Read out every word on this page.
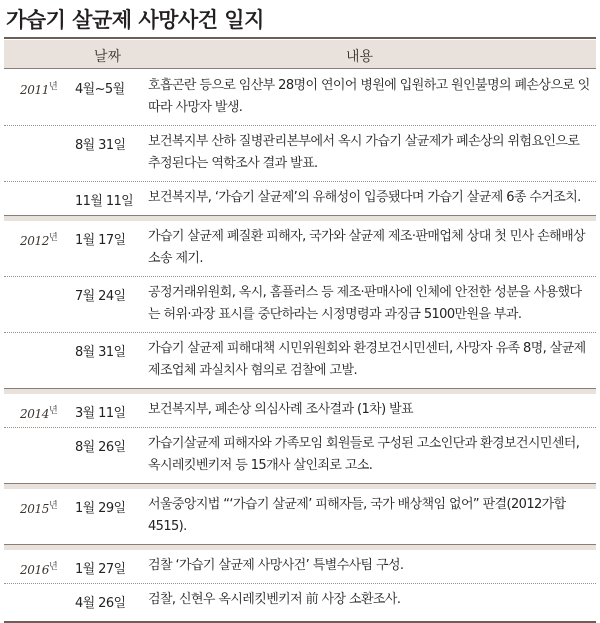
가습기 살균제 사망사건 일지
날짜	내용
$2011^년$	4월~5월	호흡곤란 등으로 임산부 28명이 연이어 병원에 입원하고 원인불명의 폐손상으로 잇따라 사망자 발생.
8월 31일	보건복지부 산하 질병관리본부에서 옥시 가습기 살균제가 폐손상의 위험요인으로 추정된다는 역학조사 결과 발표.
11월 11일	보건복지부, ‘가습기 살균제’의 유해성이 입증됐다며 가습기 살균제 6종 수거조치.
$2012^년$	1월 17일	가습기 살균제 폐질환 피해자, 국가와 살균제 제조·판매업체 상대 첫 민사 손해배상소송 제기.
7월 24일	공정거래위원회, 옥시, 홈플러스 등 제조·판매사에 인체에 안전한 성분을 사용했다는 허위·과장 표시를 중단하라는 시정명령과 과징금 5100만원을 부과.
8월 31일	가습기 살균제 피해대책 시민위원회와 환경보건시민센터, 사망자 유족 8명, 살균제 제조업체 과실치사 혐의로 검찰에 고발.
$2014^년$	3월 11일	보건복지부, 폐손상 의심사례 조사결과 (1차) 발표
8월 26일	가습기살균제 피해자와 가족모임 회원들로 구성된 고소인단과 환경보건시민센터, 옥시레킷벤키저 등 15개사 살인죄로 고소.
$2015^년$	1월 29일	서울중앙지법 “‘가습기 살균제’ 피해자들, 국가 배상책임 없어” 판결(2012가합4515).
$2016^년$	1월 27일	검찰 ‘가습기 살균제 사망사건’ 특별수사팀 구성.
4월 26일	검찰, 신현우 옥시레킷벤키저 前 사장 소환조사.
